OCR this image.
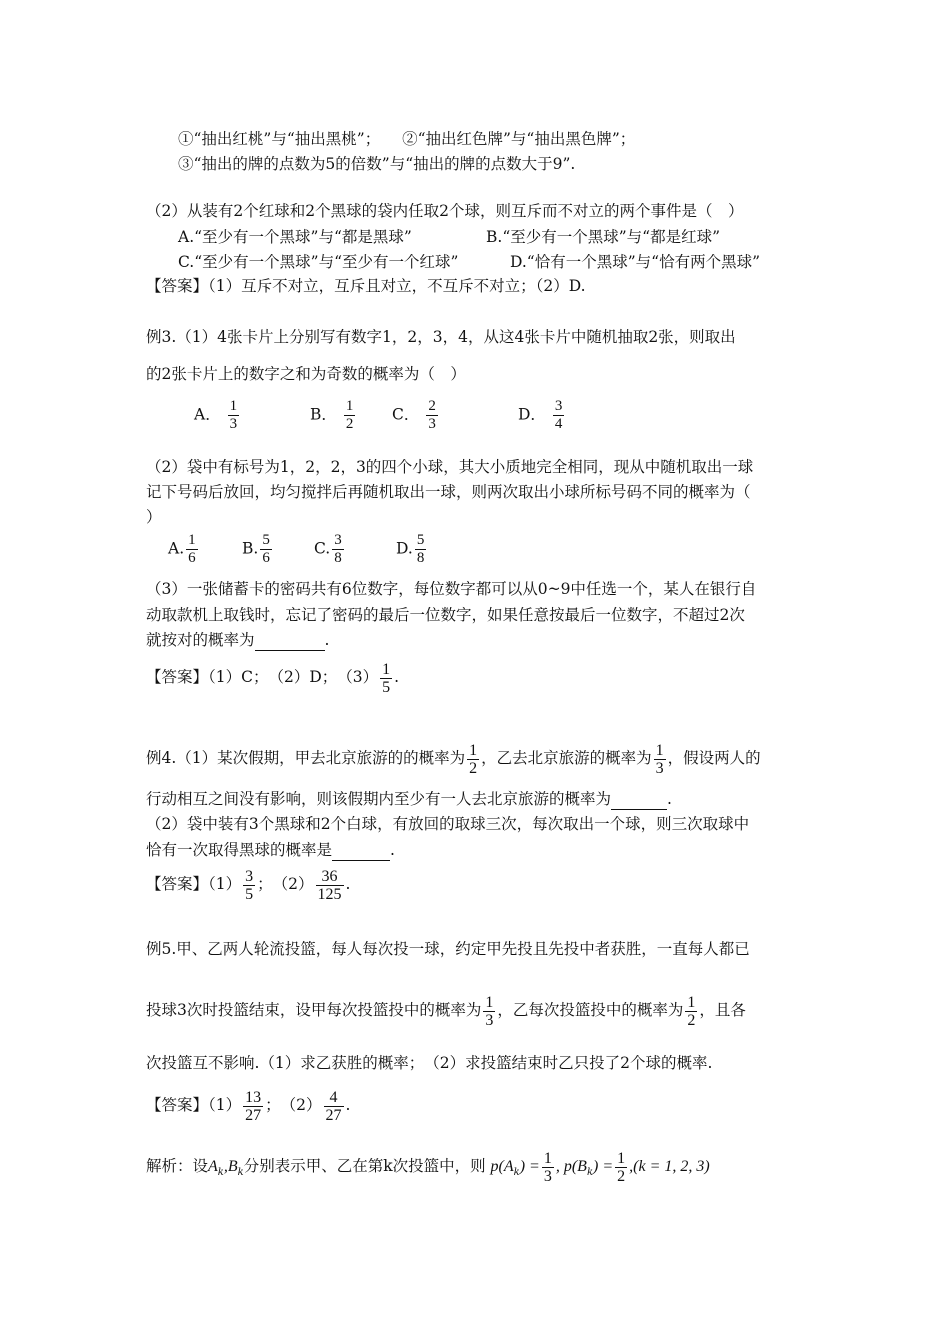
①“抽出红桃”与“抽出黑桃”； ②“抽出红色牌”与“抽出黑色牌”；
③“抽出的牌的点数为5的倍数”与“抽出的牌的点数大于9”.
（2）从装有2个红球和2个黑球的袋内任取2个球，则互斥而不对立的两个事件是（　）
A.“至少有一个黑球”与“都是黑球”	B.“至少有一个黑球”与“都是红球”
C.“至少有一个黑球”与“至少有一个红球”	D.“恰有一个黑球”与“恰有两个黑球”
【答案】（1）互斥不对立，互斥且对立，不互斥不对立；（2）D.
例3.（1）4张卡片上分别写有数字1，2，3，4，从这4张卡片中随机抽取2张，则取出
的2张卡片上的数字之和为奇数的概率为（　）
A． $\frac{1}{3}$	B． $\frac{1}{2}$ C． $\frac{2}{3}$	D． $\frac{3}{4}$
（2）袋中有标号为1，2，2，3的四个小球，其大小质地完全相同，现从中随机取出一球
记下号码后放回，均匀搅拌后再随机取出一球，则两次取出小球所标号码不同的概率为（
）
A. $\frac{1}{6}$	B. $\frac{5}{6}$	C. $\frac{3}{8}$	D. $\frac{5}{8}$
（3）一张储蓄卡的密码共有6位数字，每位数字都可以从0~9中任选一个，某人在银行自
动取款机上取钱时，忘记了密码的最后一位数字，如果任意按最后一位数字，不超过2次
就按对的概率为	.
【答案】（1）C；　（2）D；　$(3) \frac{1}{5}$ .
例4.（1）某次假期，甲去北京旅游的的概率为 $\frac{1}{2}$ ，乙去北京旅游的概率为 $\frac{1}{3}$ ，假设两人的
行动相互之间没有影响，则该假期内至少有一人去北京旅游的概率为	.
（2）袋中装有3个黑球和2个白球，有放回的取球三次，每次取出一个球，则三次取球中
恰有一次取得黑球的概率是	.
【答案】$(1) \frac{3}{5}$ ；　$(2) \frac{36}{125}$ .
例5.甲、乙两人轮流投篮，每人每次投一球，约定甲先投且先投中者获胜，一直每人都已
投球3次时投篮结束，设甲每次投篮投中的概率为 $\frac{1}{3}$ ，乙每次投篮投中的概率为 $\frac{1}{2}$ ，且各
次投篮互不影响.（1）求乙获胜的概率；　（2）求投篮结束时乙只投了2个球的概率.
【答案】$(1) \frac{13}{27}$ ；　$(2) \frac{4}{27}$ .
解析：设$A_k,B_k$分别表示甲、乙在第k次投篮中，则 $p(A_k) = \frac{1}{3}$ , $p(B_k) = \frac{1}{2} ,(k = 1$, 2, 3)
